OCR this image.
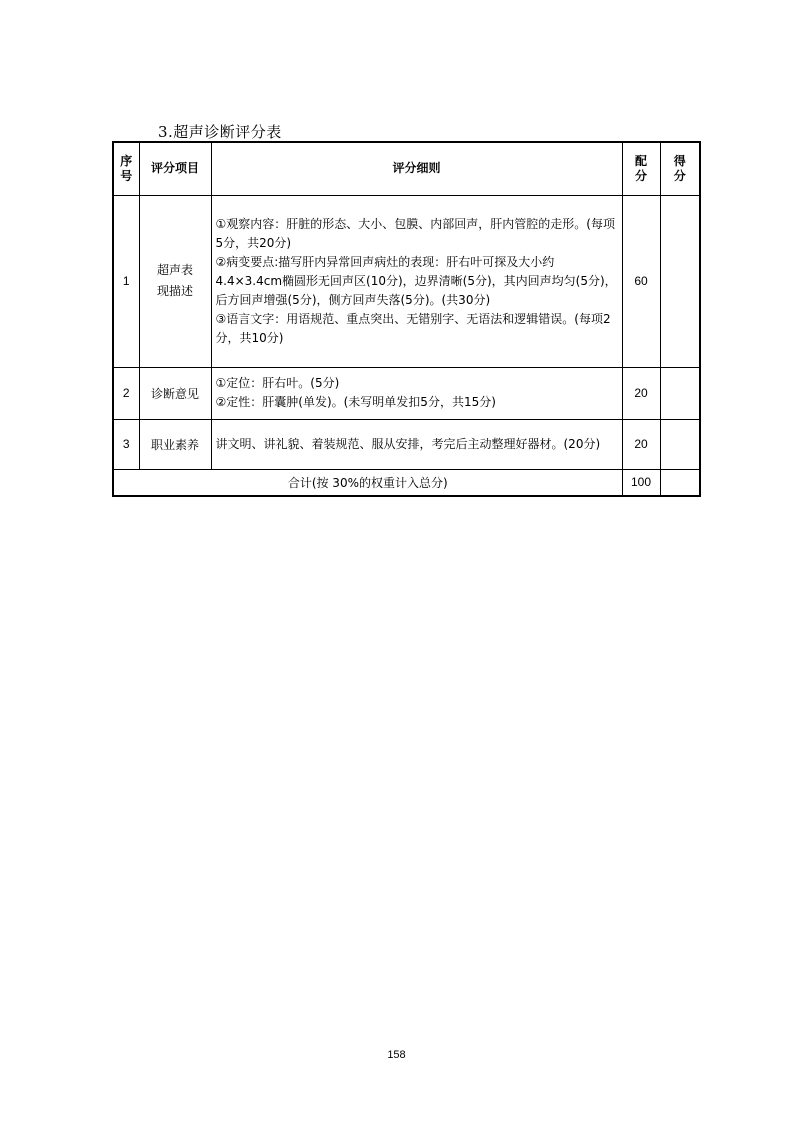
3.超声诊断评分表
序号	评分项目	评分细则	配分	得分
1	超声表现描述	①观察内容：肝脏的形态、大小、包膜、内部回声，肝内管腔的走形。(每项5分，共20分)
②病变要点:描写肝内异常回声病灶的表现：肝右叶可探及大小约 4.4×3.4cm椭圆形无回声区(10分)，边界清晰(5分)，其内回声均匀(5分)，后方回声增强(5分)，侧方回声失落(5分)。(共30分)
③语言文字：用语规范、重点突出、无错别字、无语法和逻辑错误。(每项2分，共10分)	60	
2	诊断意见	①定位：肝右叶。(5分)
②定性：肝囊肿(单发)。(未写明单发扣5分，共15分)	20	
3	职业素养	讲文明、讲礼貌、着装规范、服从安排，考完后主动整理好器材。(20分)	20	
合计(按 30%的权重计入总分)			100	
158
